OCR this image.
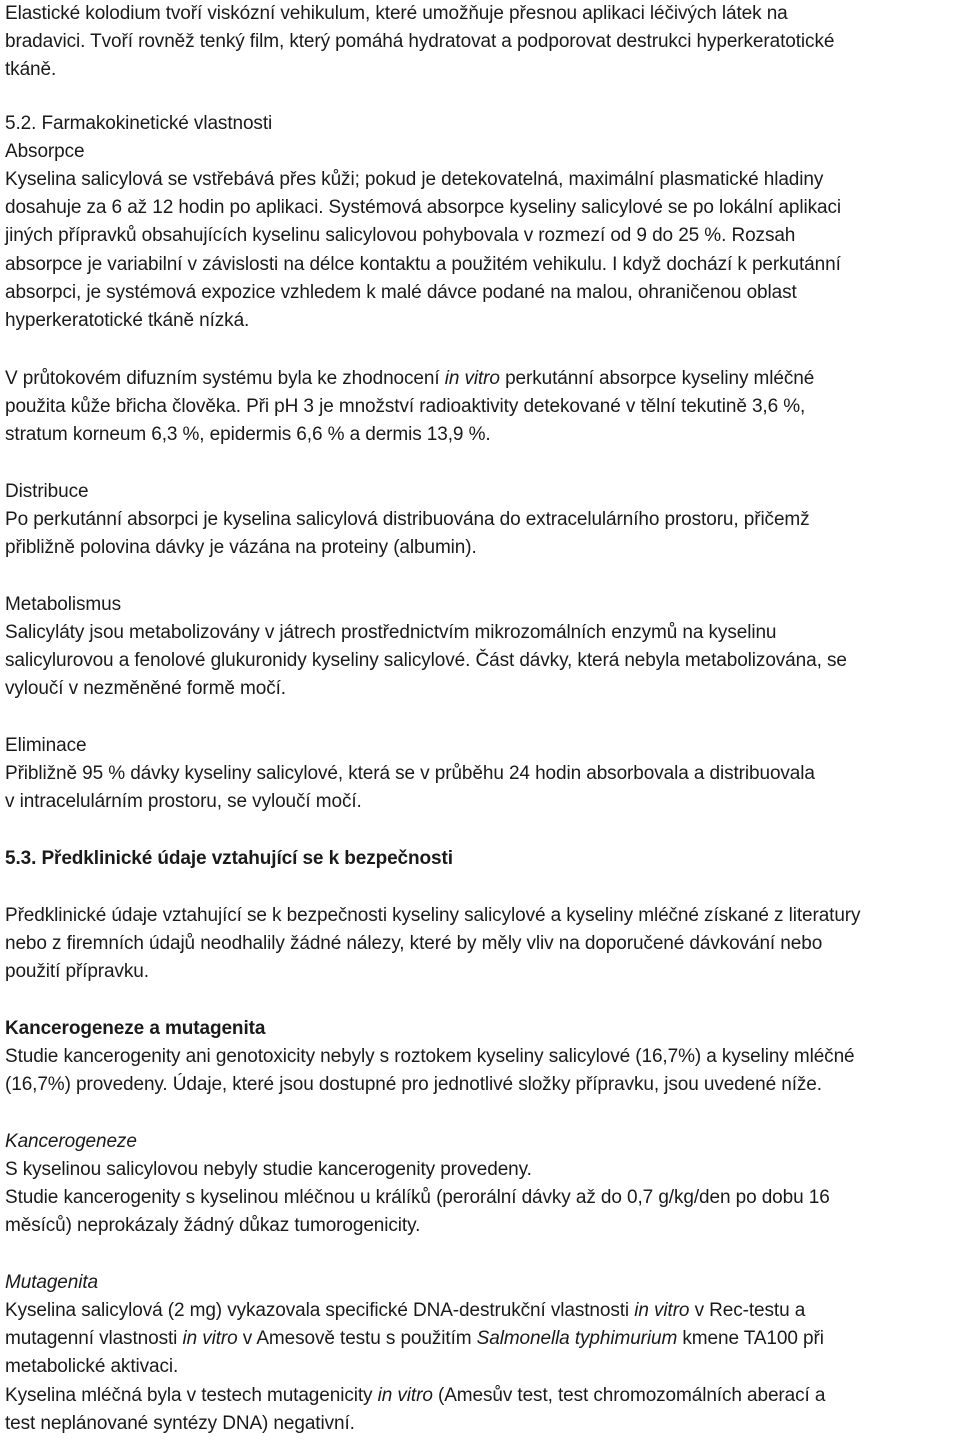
Elastické kolodium tvoří viskózní vehikulum, které umožňuje přesnou aplikaci léčivých látek na
bradavici. Tvoří rovněž tenký film, který pomáhá hydratovat a podporovat destrukci hyperkeratotické
tkáně.
5.2. Farmakokinetické vlastnosti
Absorpce
Kyselina salicylová se vstřebává přes kůži; pokud je detekovatelná, maximální plasmatické hladiny
dosahuje za 6 až 12 hodin po aplikaci. Systémová absorpce kyseliny salicylové se po lokální aplikaci
jiných přípravků obsahujících kyselinu salicylovou pohybovala v rozmezí od 9 do 25 %. Rozsah
absorpce je variabilní v závislosti na délce kontaktu a použitém vehikulu. I když dochází k perkutánní
absorpci, je systémová expozice vzhledem k malé dávce podané na malou, ohraničenou oblast
hyperkeratotické tkáně nízká.
V průtokovém difuzním systému byla ke zhodnocení in vitro perkutánní absorpce kyseliny mléčné
použita kůže břicha člověka. Při pH 3 je množství radioaktivity detekované v tělní tekutině 3,6 %,
stratum korneum 6,3 %, epidermis 6,6 % a dermis 13,9 %.
Distribuce
Po perkutánní absorpci je kyselina salicylová distribuována do extracelulárního prostoru, přičemž
přibližně polovina dávky je vázána na proteiny (albumin).
Metabolismus
Salicyláty jsou metabolizovány v játrech prostřednictvím mikrozomálních enzymů na kyselinu
salicylurovou a fenolové glukuronidy kyseliny salicylové. Část dávky, která nebyla metabolizována, se
vyloučí v nezměněné formě močí.
Eliminace
Přibližně 95 % dávky kyseliny salicylové, která se v průběhu 24 hodin absorbovala a distribuovala
v intracelulárním prostoru, se vyloučí močí.
5.3. Předklinické údaje vztahující se k bezpečnosti
Předklinické údaje vztahující se k bezpečnosti kyseliny salicylové a kyseliny mléčné získané z literatury
nebo z firemních údajů neodhalily žádné nálezy, které by měly vliv na doporučené dávkování nebo
použití přípravku.
Kancerogeneze a mutagenita
Studie kancerogenity ani genotoxicity nebyly s roztokem kyseliny salicylové (16,7%) a kyseliny mléčné
(16,7%) provedeny. Údaje, které jsou dostupné pro jednotlivé složky přípravku, jsou uvedené níže.
Kancerogeneze
S kyselinou salicylovou nebyly studie kancerogenity provedeny.
Studie kancerogenity s kyselinou mléčnou u králíků (perorální dávky až do 0,7 g/kg/den po dobu 16
měsíců) neprokázaly žádný důkaz tumorogenicity.
Mutagenita
Kyselina salicylová (2 mg) vykazovala specifické DNA-destrukční vlastnosti in vitro v Rec-testu a
mutagenní vlastnosti in vitro v Amesově testu s použitím Salmonella typhimurium kmene TA100 při
metabolické aktivaci.
Kyselina mléčná byla v testech mutagenicity in vitro (Amesův test, test chromozomálních aberací a
test neplánované syntézy DNA) negativní.
